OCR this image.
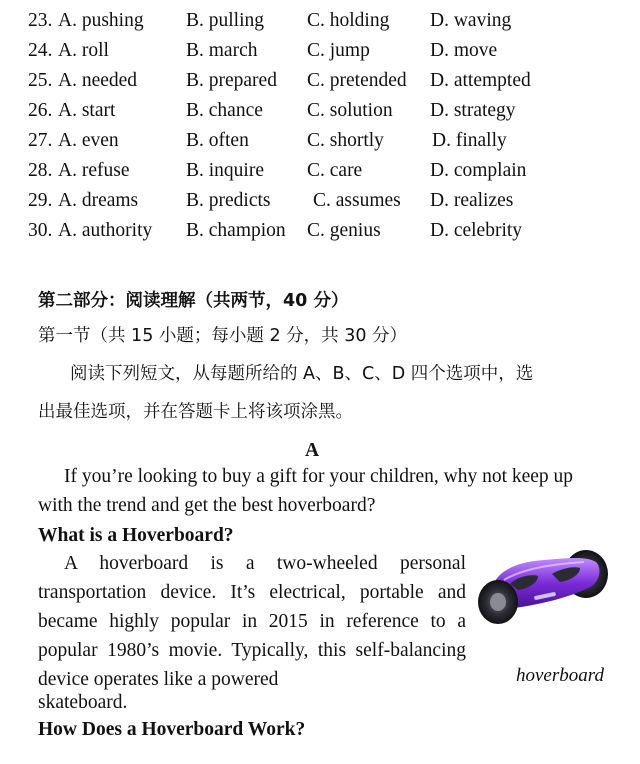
23. A. pushing B. pulling C. holding D. waving
24. A. roll	B. march	C. jump	D. move
25. A. needed	B. prepared C. pretended D. attempted
26. A. start	B. chance C. solution D. strategy
27. A. even	B. often	C. shortly D. finally
28. A. refuse	B. inquire C. care	D. complain
29. A. dreams B. predicts C. assumes D. realizes
30. A. authority B. champion C. genius	D. celebrity
第二部分：阅读理解（共两节，40 分）
第一节（共 15 小题；每小题 2 分，共 30 分）
阅读下列短文，从每题所给的 A、B、C、D 四个选项中，选
出最佳选项，并在答题卡上将该项涂黑。
A
If you’re looking to buy a gift for your children, why not keep up
with the trend and get the best hoverboard?
What is a Hoverboard?
A hoverboard is a two-wheeled personal
transportation device. It’s electrical, portable and
became highly popular in 2015 in reference to a
popular 1980’s movie. Typically, this self-balancing
device operates like a powered
skateboard.
hoverboard
How Does a Hoverboard Work?
